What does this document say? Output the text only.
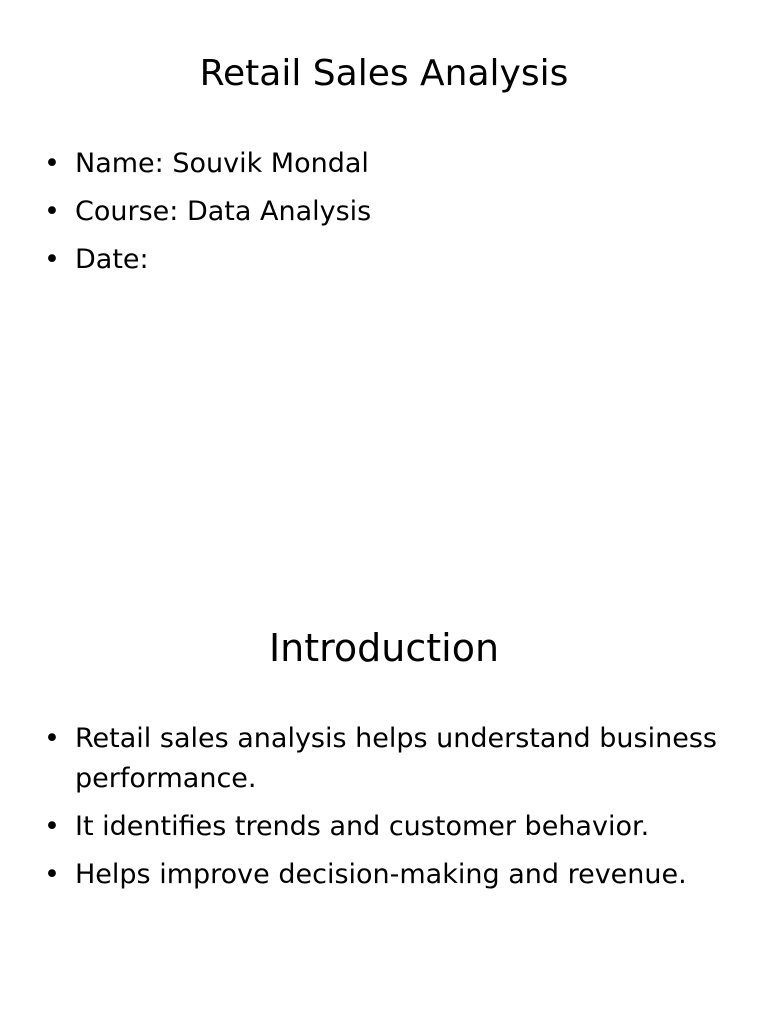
Retail Sales Analysis
• Name: Souvik Mondal
• Course: Data Analysis
• Date:
Introduction
• Retail sales analysis helps understand business performance.
• It identifies trends and customer behavior.
• Helps improve decision-making and revenue.
